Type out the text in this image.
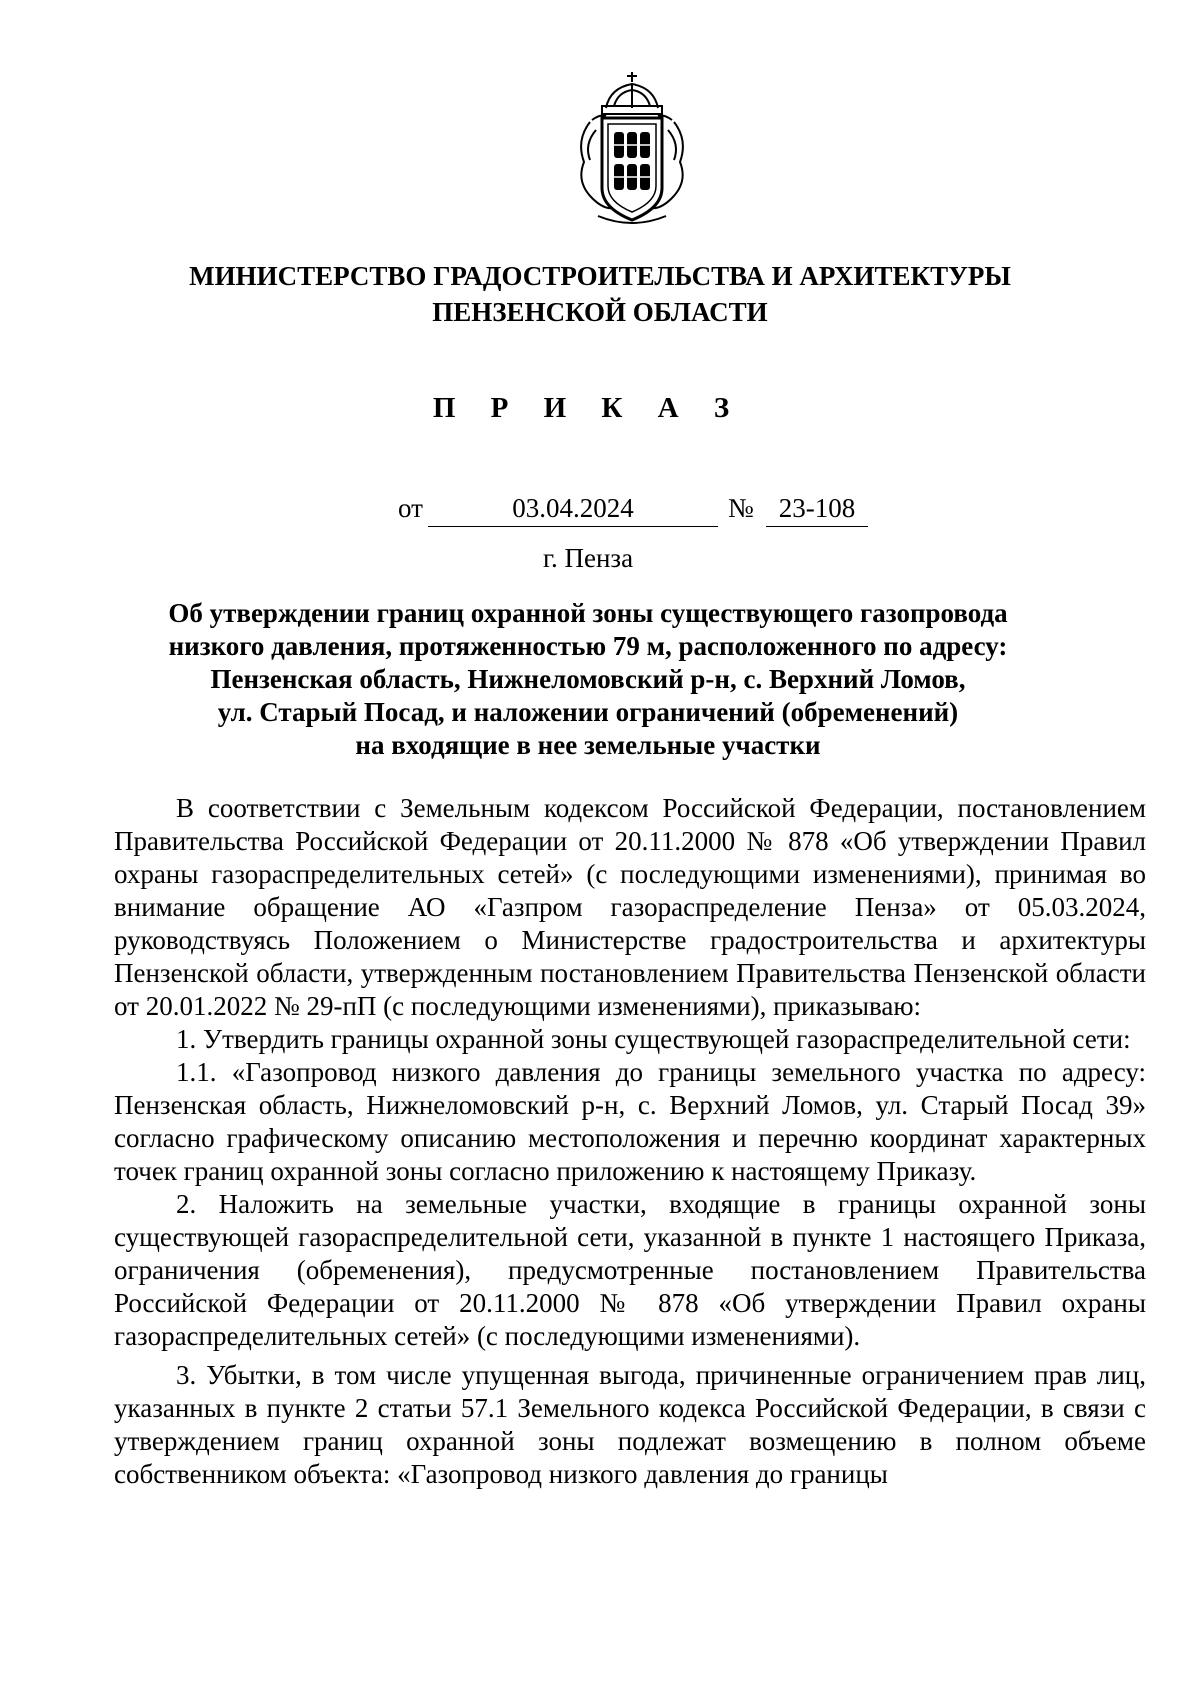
МИНИСТЕРСТВО ГРАДОСТРОИТЕЛЬСТВА И АРХИТЕКТУРЫ
ПЕНЗЕНСКОЙ ОБЛАСТИ
П Р И К А З
от	03.04.2024	№ 23-108
г. Пенза
Об утверждении границ охранной зоны существующего газопровода
низкого давления, протяженностью 79 м, расположенного по адресу:
Пензенская область, Нижнеломовский р-н, с. Верхний Ломов,
ул. Старый Посад, и наложении ограничений (обременений)
на входящие в нее земельные участки

В соответствии с Земельным кодексом Российской Федерации, постановлением Правительства Российской Федерации от 20.11.2000 № 878 «Об утверждении Правил охраны газораспределительных сетей» (с последующими изменениями), принимая во внимание обращение АО «Газпром газораспределение Пенза» от 05.03.2024, руководствуясь Положением о Министерстве градостроительства и архитектуры Пензенской области, утвержденным постановлением Правительства Пензенской области от 20.01.2022 № 29-пП (с последующими изменениями), приказываю:

1. Утвердить границы охранной зоны существующей газораспределительной сети:

1.1. «Газопровод низкого давления до границы земельного участка по адресу: Пензенская область, Нижнеломовский р-н, с. Верхний Ломов, ул. Старый Посад 39» согласно графическому описанию местоположения и перечню координат характерных точек границ охранной зоны согласно приложению к настоящему Приказу.

2. Наложить на земельные участки, входящие в границы охранной зоны существующей газораспределительной сети, указанной в пункте 1 настоящего Приказа, ограничения (обременения), предусмотренные постановлением Правительства Российской Федерации от 20.11.2000 № 878 «Об утверждении Правил охраны газораспределительных сетей» (с последующими изменениями).

3. Убытки, в том числе упущенная выгода, причиненные ограничением прав лиц, указанных в пункте 2 статьи 57.1 Земельного кодекса Российской Федерации, в связи с утверждением границ охранной зоны подлежат возмещению в полном объеме собственником объекта: «Газопровод низкого давления до границы
